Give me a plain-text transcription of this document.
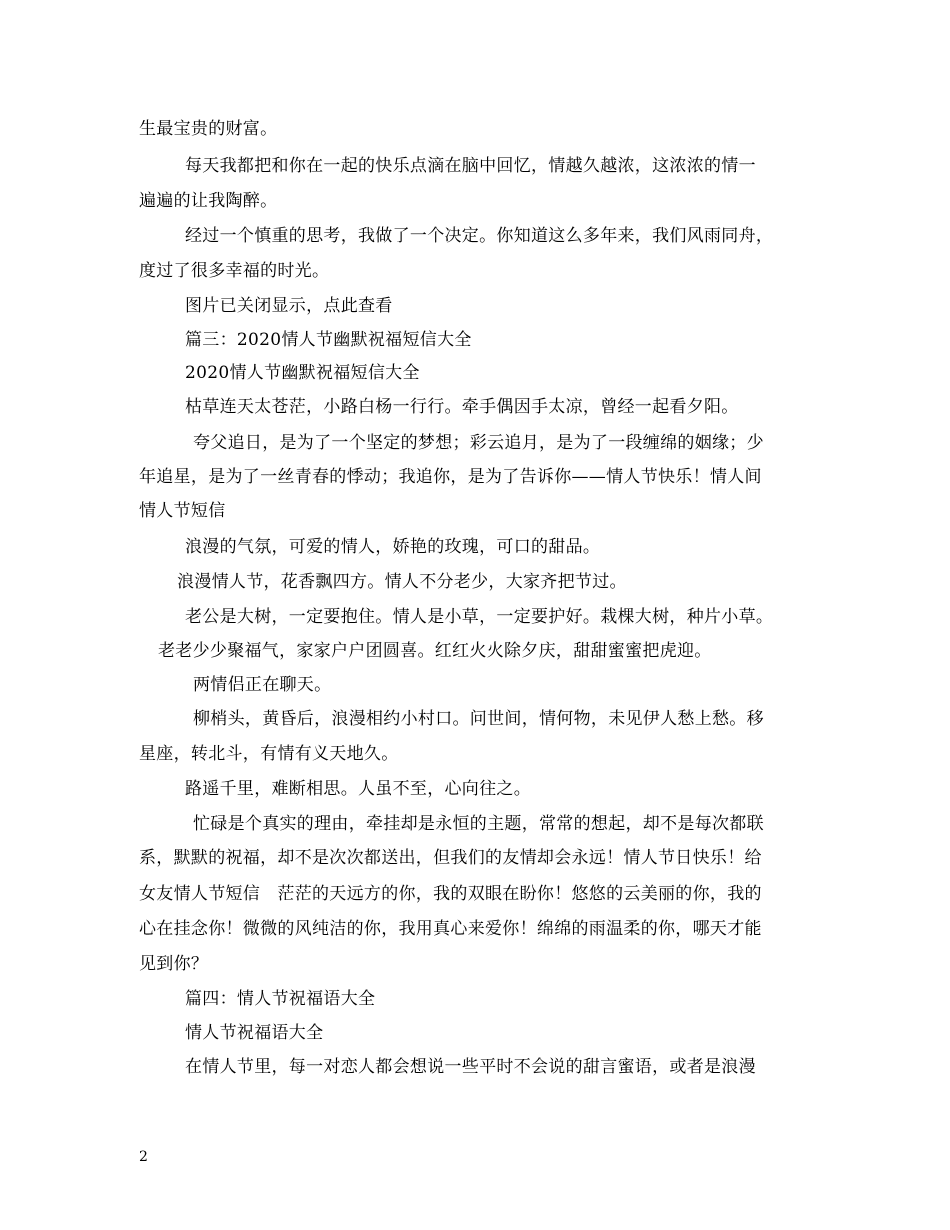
生最宝贵的财富。
每天我都把和你在一起的快乐点滴在脑中回忆，情越久越浓，这浓浓的情一
遍遍的让我陶醉。
经过一个慎重的思考，我做了一个决定。你知道这么多年来，我们风雨同舟，
度过了很多幸福的时光。
图片已关闭显示，点此查看
篇三：2020情人节幽默祝福短信大全
2020情人节幽默祝福短信大全
枯草连天太苍茫，小路白杨一行行。牵手偶因手太凉，曾经一起看夕阳。
夸父追日，是为了一个坚定的梦想；彩云追月，是为了一段缠绵的姻缘；少
年追星，是为了一丝青春的悸动；我追你，是为了告诉你——情人节快乐！情人间
情人节短信
浪漫的气氛，可爱的情人，娇艳的玫瑰，可口的甜品。
浪漫情人节，花香飘四方。情人不分老少，大家齐把节过。
老公是大树，一定要抱住。情人是小草，一定要护好。栽棵大树，种片小草。
老老少少聚福气，家家户户团圆喜。红红火火除夕庆，甜甜蜜蜜把虎迎。
两情侣正在聊天。
柳梢头，黄昏后，浪漫相约小村口。问世间，情何物，未见伊人愁上愁。移
星座，转北斗，有情有义天地久。
路遥千里，难断相思。人虽不至，心向往之。
忙碌是个真实的理由，牵挂却是永恒的主题，常常的想起，却不是每次都联
系，默默的祝福，却不是次次都送出，但我们的友情却会永远！情人节日快乐！给
女友情人节短信　茫茫的天远方的你，我的双眼在盼你！悠悠的云美丽的你，我的
心在挂念你！微微的风纯洁的你，我用真心来爱你！绵绵的雨温柔的你，哪天才能
见到你？
篇四：情人节祝福语大全
情人节祝福语大全
在情人节里，每一对恋人都会想说一些平时不会说的甜言蜜语，或者是浪漫
2
